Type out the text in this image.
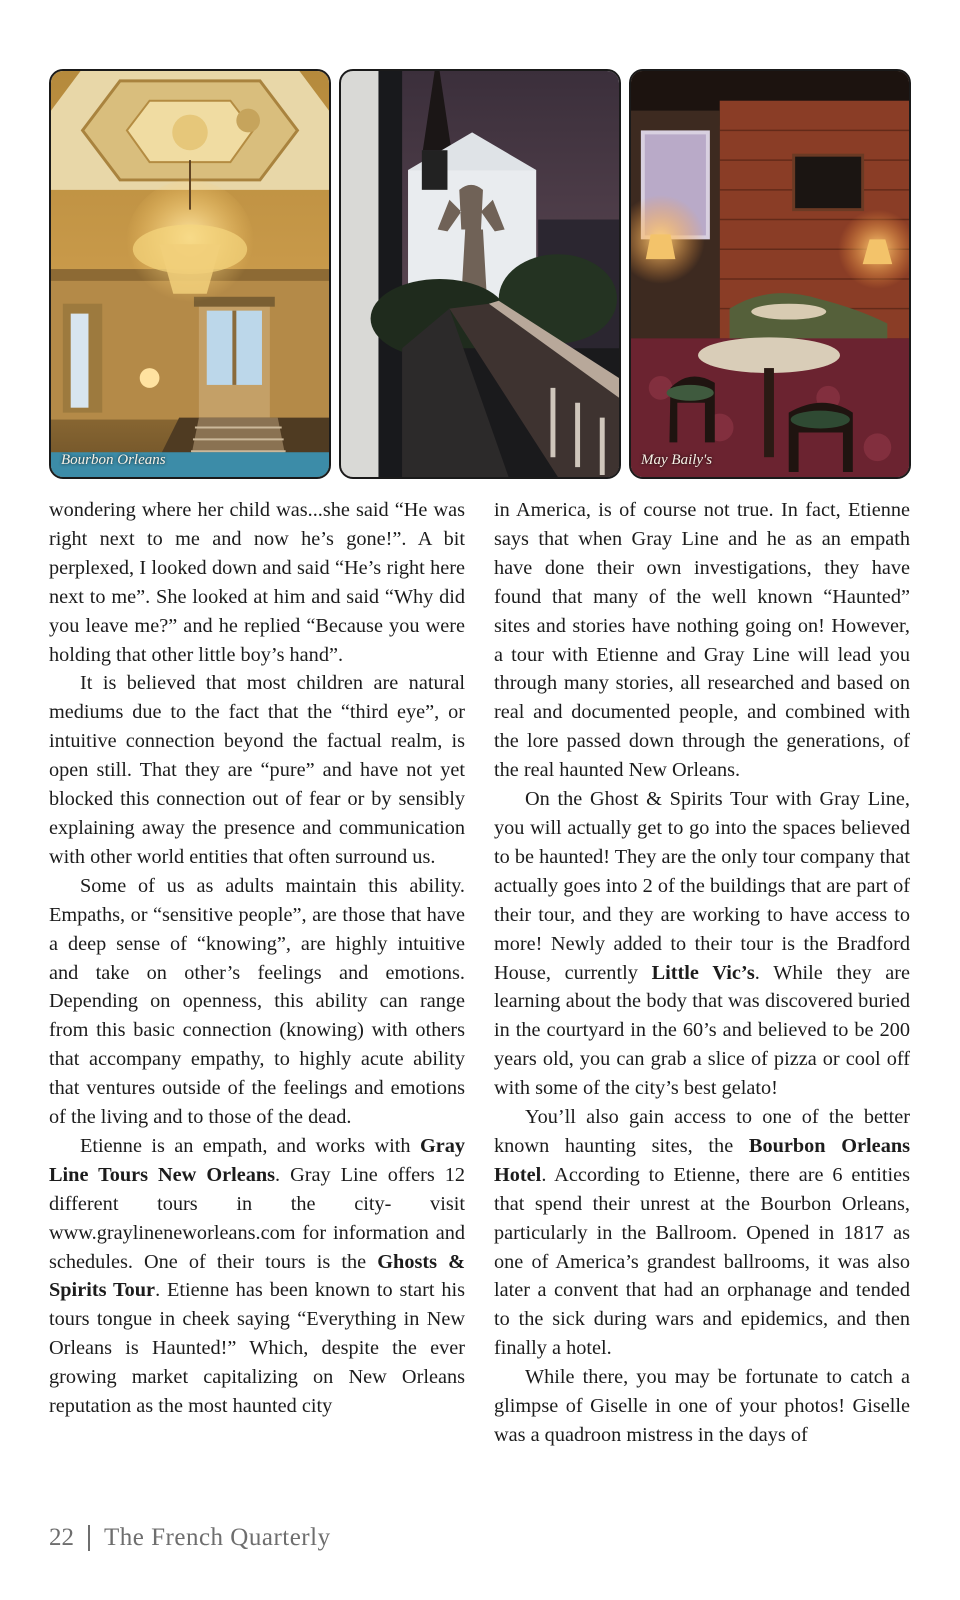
Bourbon Orleans	May Baily's

wondering where her child was...she said “He was right next to me and now he’s gone!”. A bit perplexed, I looked down and said “He’s right here next to me”. She looked at him and said “Why did you leave me?” and he replied “Because you were holding that other little boy’s hand”.

It is believed that most children are natural mediums due to the fact that the “third eye”, or intuitive connection beyond the factual realm, is open still. That they are “pure” and have not yet blocked this connection out of fear or by sensibly explaining away the presence and communication with other world entities that often surround us.

Some of us as adults maintain this ability. Empaths, or “sensitive people”, are those that have a deep sense of “knowing”, are highly intuitive and take on other’s feelings and emotions. Depending on openness, this ability can range from this basic connection (knowing) with others that accompany empathy, to highly acute ability that ventures outside of the feelings and emotions of the living and to those of the dead.

Etienne is an empath, and works with Gray Line Tours New Orleans. Gray Line offers 12 different tours in the city- visit www.graylineneworleans.com for information and schedules. One of their tours is the Ghosts & Spirits Tour. Etienne has been known to start his tours tongue in cheek saying “Everything in New Orleans is Haunted!” Which, despite the ever growing market capitalizing on New Orleans reputation as the most haunted city

in America, is of course not true. In fact, Etienne says that when Gray Line and he as an empath have done their own investigations, they have found that many of the well known “Haunted” sites and stories have nothing going on! However, a tour with Etienne and Gray Line will lead you through many stories, all researched and based on real and documented people, and combined with the lore passed down through the generations, of the real haunted New Orleans.

On the Ghost & Spirits Tour with Gray Line, you will actually get to go into the spaces believed to be haunted! They are the only tour company that actually goes into 2 of the buildings that are part of their tour, and they are working to have access to more! Newly added to their tour is the Bradford House, currently Little Vic’s. While they are learning about the body that was discovered buried in the courtyard in the 60’s and believed to be 200 years old, you can grab a slice of pizza or cool off with some of the city’s best gelato!

You’ll also gain access to one of the better known haunting sites, the Bourbon Orleans Hotel. According to Etienne, there are 6 entities that spend their unrest at the Bourbon Orleans, particularly in the Ballroom. Opened in 1817 as one of America’s grandest ballrooms, it was also later a convent that had an orphanage and tended to the sick during wars and epidemics, and then finally a hotel.

While there, you may be fortunate to catch a glimpse of Giselle in one of your photos! Giselle was a quadroon mistress in the days of

22 The French Quarterly
